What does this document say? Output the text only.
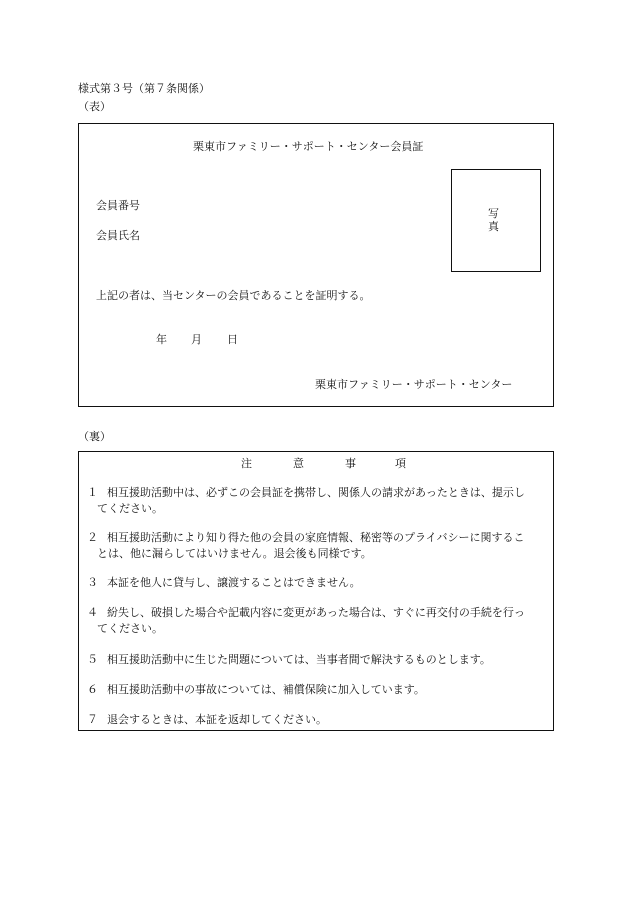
様式第３号（第７条関係）
（表）
栗東市ファミリー・サポート・センター会員証
会員番号
会員氏名
写
真
上記の者は、当センターの会員であることを証明する。
年 月 日
栗東市ファミリー・サポート・センター
（裏）
注	意	事	項
１ 相互援助活動中は、必ずこの会員証を携帯し、関係人の請求があったときは、提示し
てください。
２ 相互援助活動により知り得た他の会員の家庭情報、秘密等のプライバシーに関するこ
とは、他に漏らしてはいけません。退会後も同様です。
３ 本証を他人に貸与し、譲渡することはできません。
４ 紛失し、破損した場合や記載内容に変更があった場合は、すぐに再交付の手続を行っ
てください。
５ 相互援助活動中に生じた問題については、当事者間で解決するものとします。
６ 相互援助活動中の事故については、補償保険に加入しています。
７ 退会するときは、本証を返却してください。
